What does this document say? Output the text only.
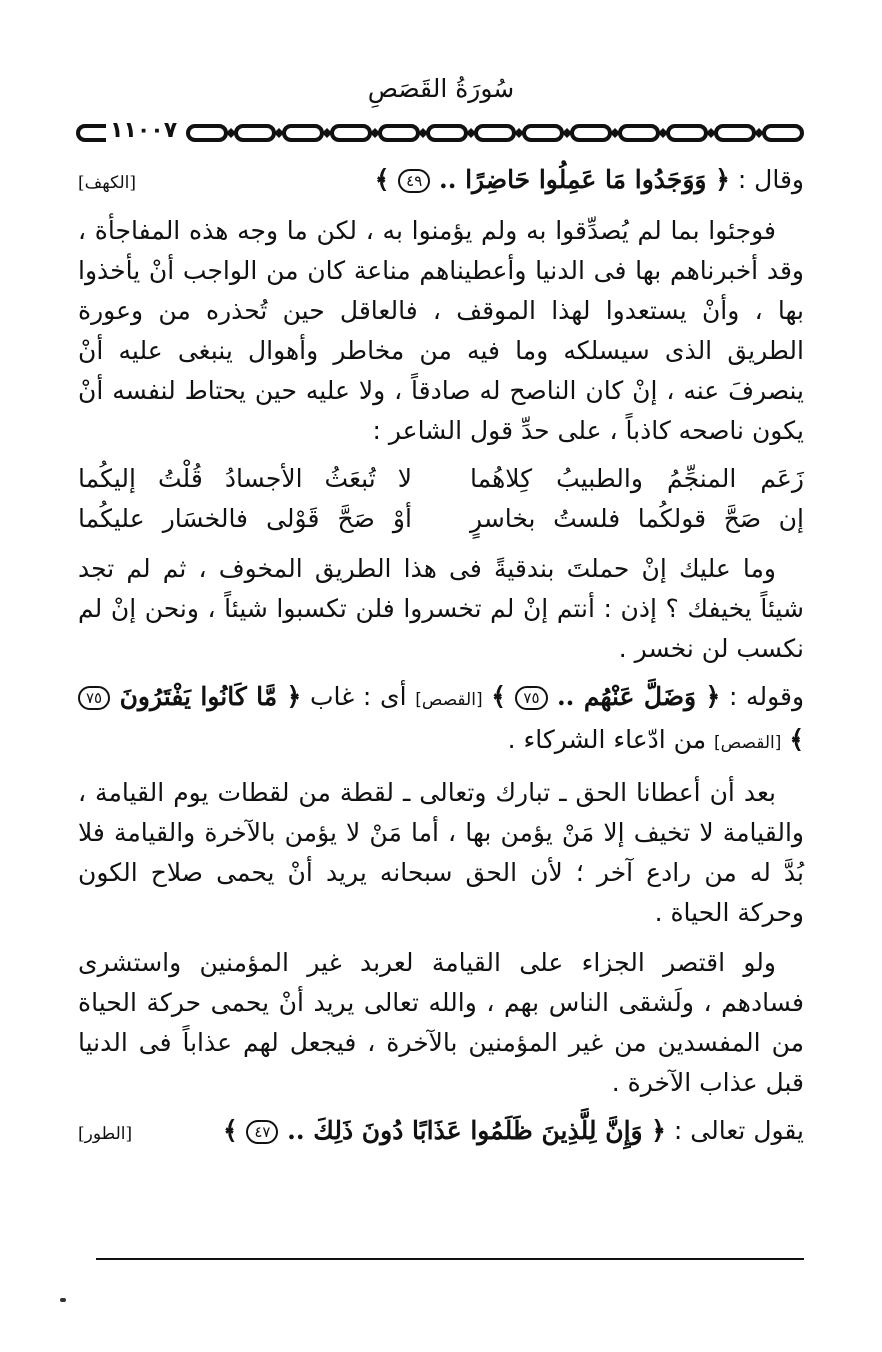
سُورَةُ القَصَصِ
١١٠٠٧
وقال : ﴿ وَوَجَدُوا مَا عَمِلُوا حَاضِرًا .. ٤٩ ﴾
[الكهف]

فوجئوا بما لم يُصدِّقوا به ولم يؤمنوا به ، لكن ما وجه هذه المفاجأة ، وقد أخبرناهم بها فى الدنيا وأعطيناهم مناعة كان من الواجب أنْ يأخذوا بها ، وأنْ يستعدوا لهذا الموقف ، فالعاقل حين تُحذره من وعورة الطريق الذى سيسلكه وما فيه من مخاطر وأهوال ينبغى عليه أنْ ينصرفَ عنه ، إنْ كان الناصح له صادقاً ، ولا عليه حين يحتاط لنفسه أنْ يكون ناصحه كاذباً ، على حدِّ قول الشاعر :

زَعَم المنجِّمُ والطبيبُ كِلاهُما
لا تُبعَثُ الأجسادُ قُلْتُ إليكُما
إن صَحَّ قولكُما فلستُ بخاسرٍ
أوْ صَحَّ قَوْلى فالخسَار عليكُما

وما عليك إنْ حملتَ بندقيةً فى هذا الطريق المخوف ، ثم لم تجد شيئاً يخيفك ؟ إذن : أنتم إنْ لم تخسروا فلن تكسبوا شيئاً ، ونحن إنْ لم نكسب لن نخسر .

وقوله : ﴿ وَضَلَّ عَنْهُم .. ٧٥ ﴾ [القصص] أى : غاب ﴿ مَّا كَانُوا يَفْتَرُونَ ٧٥ ﴾ [القصص] من ادّعاء الشركاء .

بعد أن أعطانا الحق ـ تبارك وتعالى ـ لقطة من لقطات يوم القيامة ، والقيامة لا تخيف إلا مَنْ يؤمن بها ، أما مَنْ لا يؤمن بالآخرة والقيامة فلا بُدَّ له من رادع آخر ؛ لأن الحق سبحانه يريد أنْ يحمى صلاح الكون وحركة الحياة .

ولو اقتصر الجزاء على القيامة لعربد غير المؤمنين واستشرى فسادهم ، ولَشقى الناس بهم ، والله تعالى يريد أنْ يحمى حركة الحياة من المفسدين من غير المؤمنين بالآخرة ، فيجعل لهم عذاباً فى الدنيا قبل عذاب الآخرة .

يقول تعالى : ﴿ وَإِنَّ لِلَّذِينَ ظَلَمُوا عَذَابًا دُونَ ذَلِكَ .. ٤٧ ﴾
[الطور]
